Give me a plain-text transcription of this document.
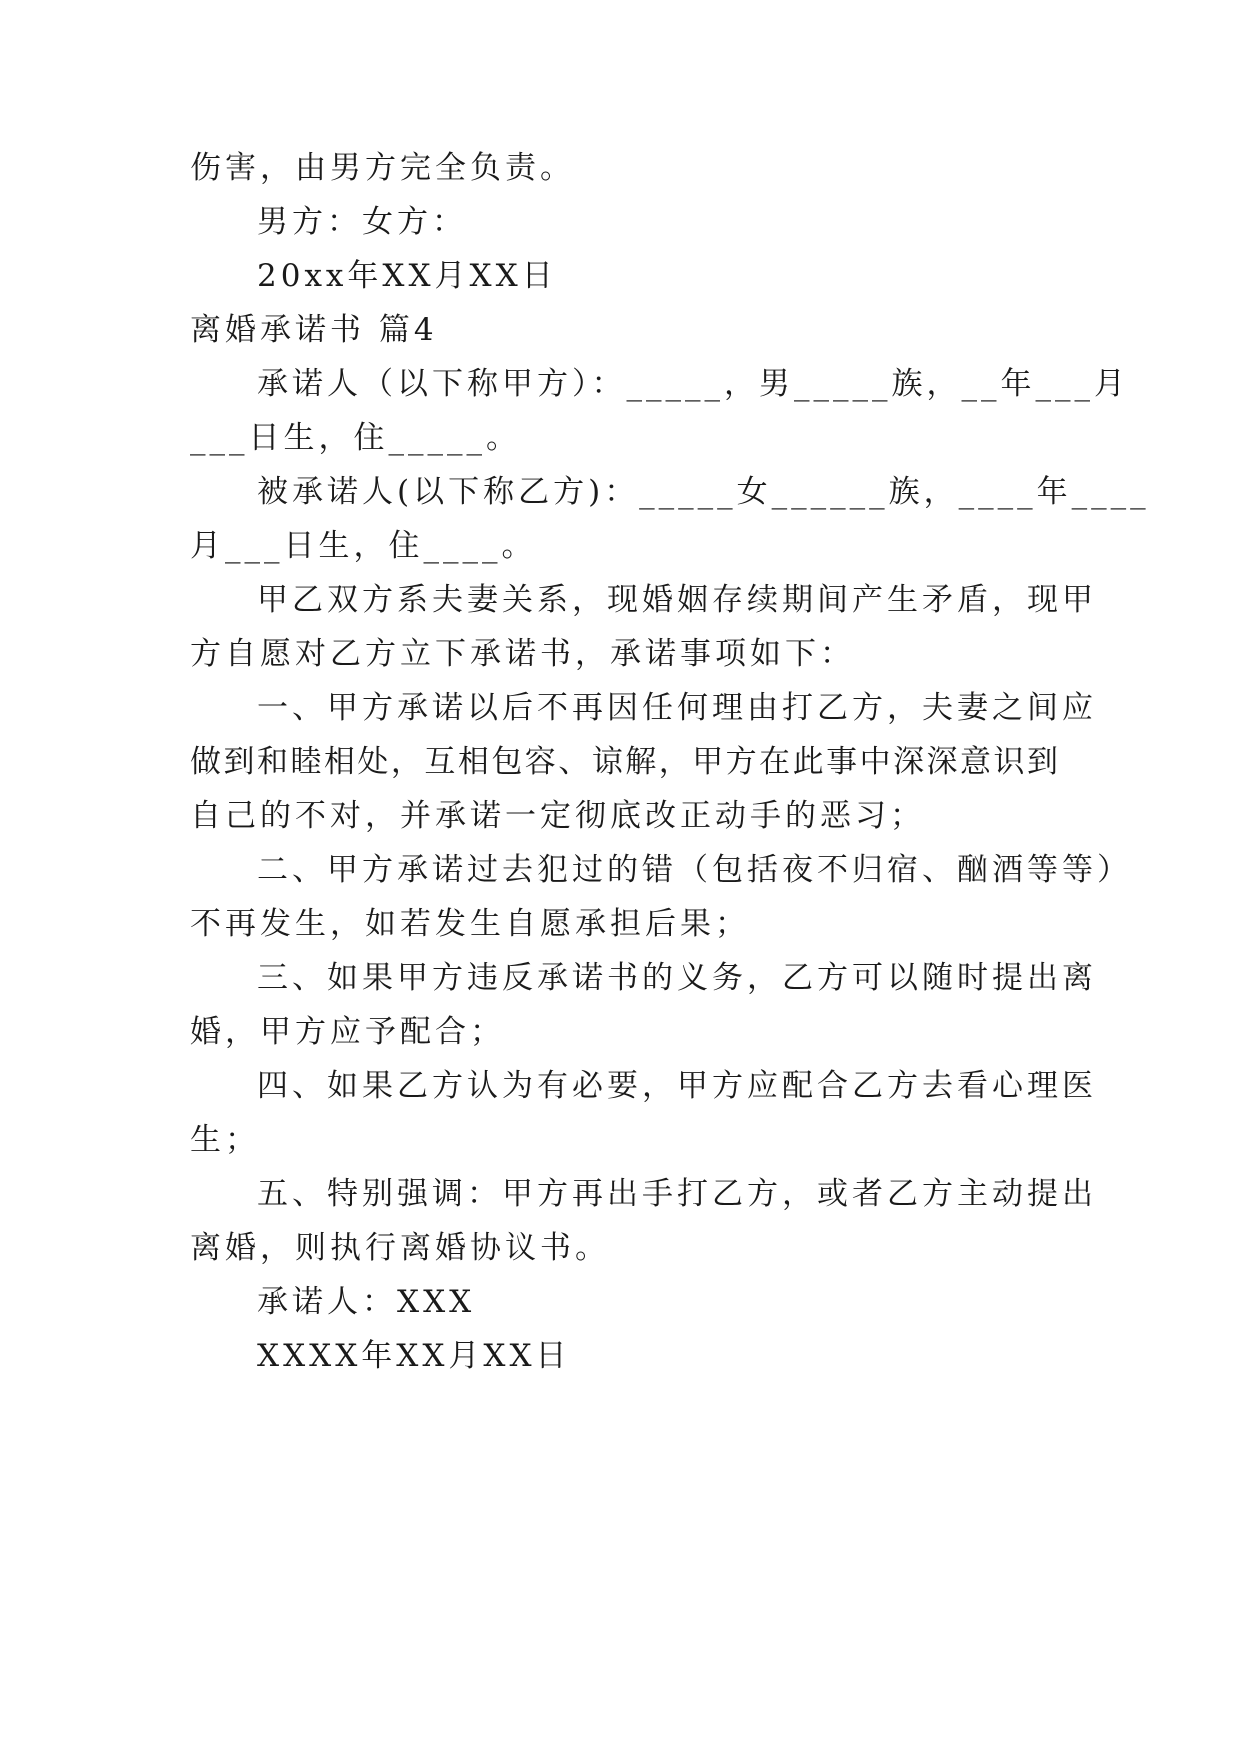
伤害，由男方完全负责。
男方：女方：
20xx年XX月XX日
离婚承诺书 篇4
承诺人（以下称甲方）：_____，男_____族，__年___月
___日生，住_____。
被承诺人(以下称乙方)：_____女______族，____年____
月___日生，住____。
甲乙双方系夫妻关系，现婚姻存续期间产生矛盾，现甲
方自愿对乙方立下承诺书，承诺事项如下：
一、甲方承诺以后不再因任何理由打乙方，夫妻之间应
做到和睦相处，互相包容、谅解，甲方在此事中深深意识到
自己的不对，并承诺一定彻底改正动手的恶习；
二、甲方承诺过去犯过的错（包括夜不归宿、酗酒等等）
不再发生，如若发生自愿承担后果；
三、如果甲方违反承诺书的义务，乙方可以随时提出离
婚，甲方应予配合；
四、如果乙方认为有必要，甲方应配合乙方去看心理医
生；
五、特别强调：甲方再出手打乙方，或者乙方主动提出
离婚，则执行离婚协议书。
承诺人：XXX
XXXX年XX月XX日
